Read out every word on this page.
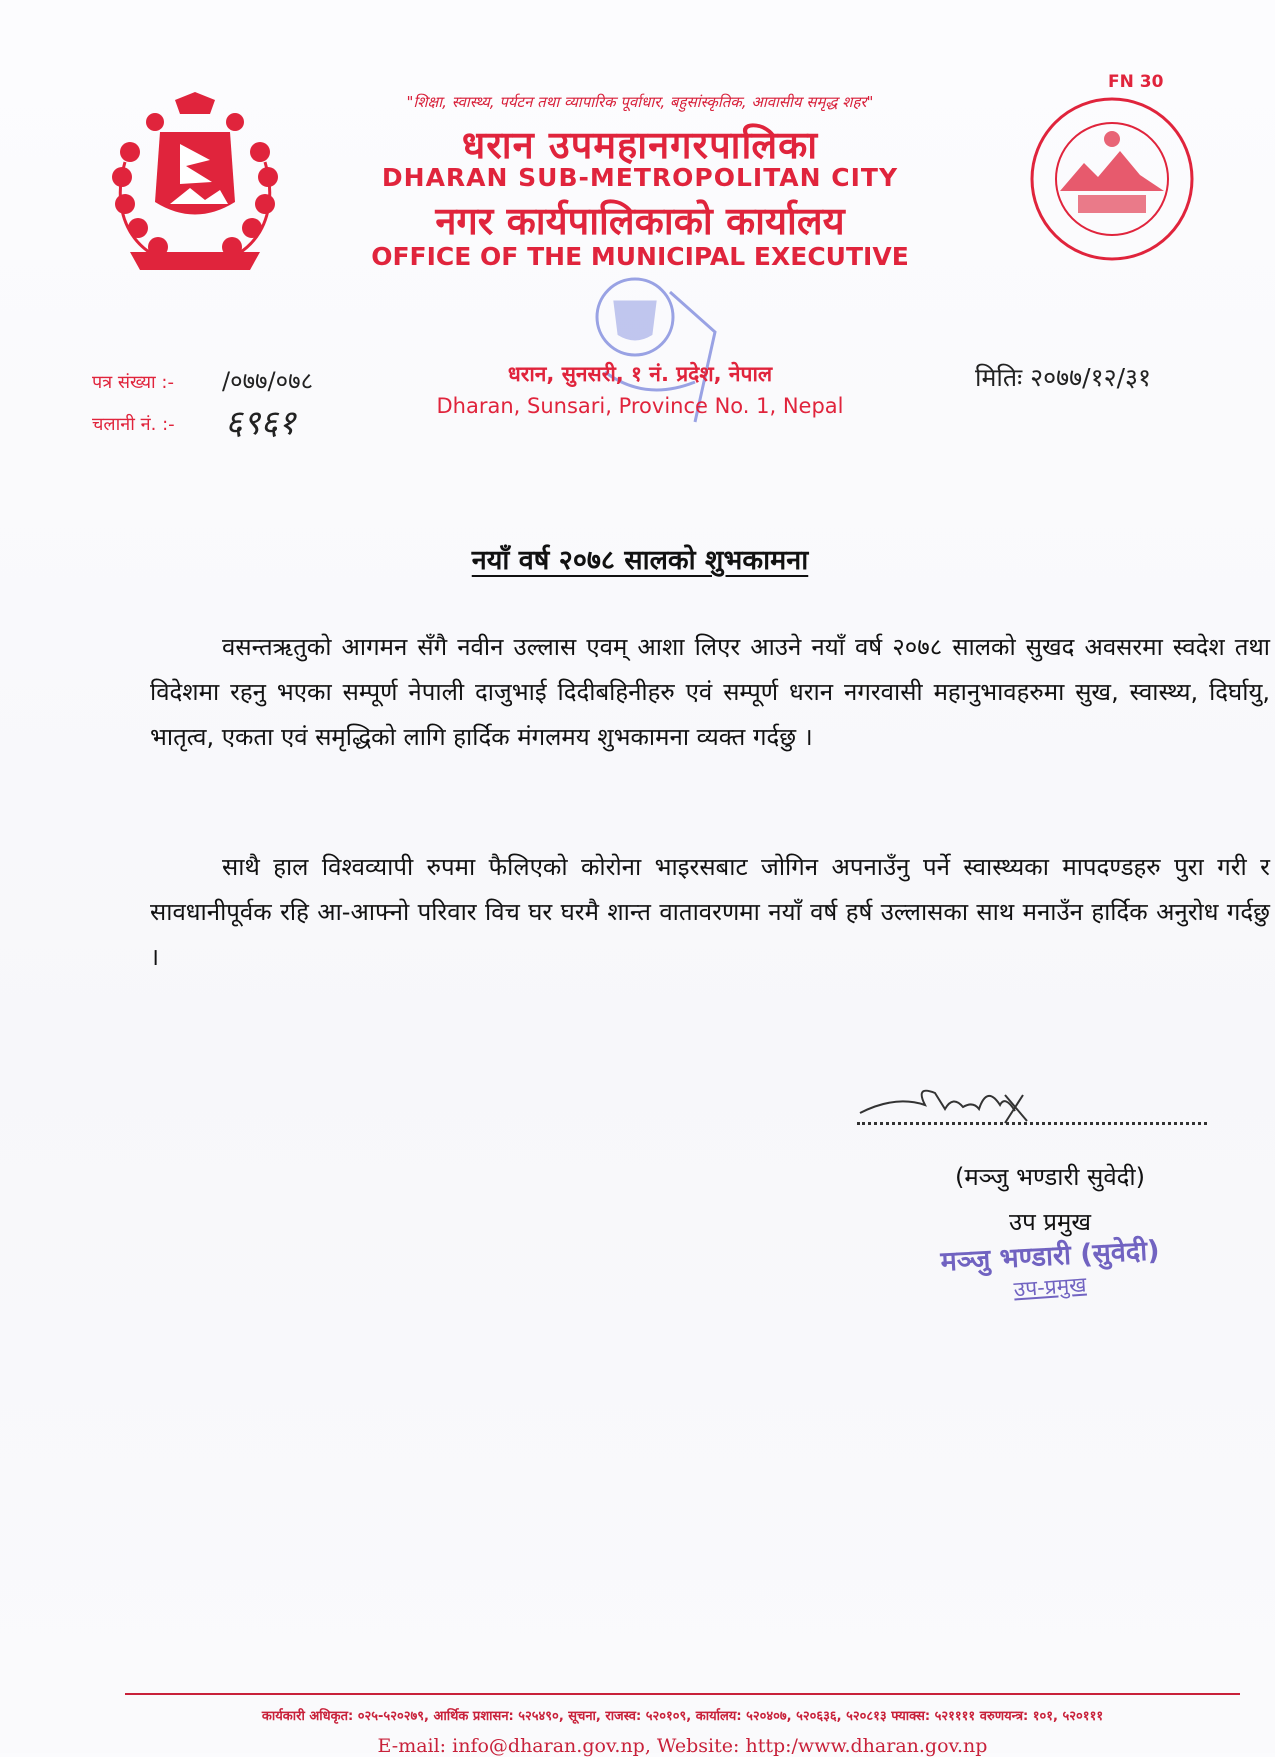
FN 30
"शिक्षा, स्वास्थ्य, पर्यटन तथा व्यापारिक पूर्वाधार, बहुसांस्कृतिक, आवासीय समृद्ध शहर"
धरान उपमहानगरपालिका
DHARAN SUB-METROPOLITAN CITY
नगर कार्यपालिकाको कार्यालय
OFFICE OF THE MUNICIPAL EXECUTIVE
पत्र संख्या :- /०७७/०७८
चलानी नं. :- ६९६१
धरान, सुनसरी, १ नं. प्रदेश, नेपाल
Dharan, Sunsari, Province No. 1, Nepal
मितिः २०७७/१२/३१
नयाँ वर्ष २०७८ सालको शुभकामना
वसन्तऋतुको आगमन सँगै नवीन उल्लास एवम् आशा लिएर आउने नयाँ वर्ष २०७८ सालको सुखद अवसरमा स्वदेश तथा विदेशमा रहनु भएका सम्पूर्ण नेपाली दाजुभाई दिदीबहिनीहरु एवं सम्पूर्ण धरान नगरवासी महानुभावहरुमा सुख, स्वास्थ्य, दिर्घायु, भातृत्व, एकता एवं समृद्धिको लागि हार्दिक मंगलमय शुभकामना व्यक्त गर्दछु ।
साथै हाल विश्वव्यापी रुपमा फैलिएको कोरोना भाइरसबाट जोगिन अपनाउँनु पर्ने स्वास्थ्यका मापदण्डहरु पुरा गरी र सावधानीपूर्वक रहि आ-आफ्नो परिवार विच घर घरमै शान्त वातावरणमा नयाँ वर्ष हर्ष उल्लासका साथ मनाउँन हार्दिक अनुरोध गर्दछु ।
(मञ्जु भण्डारी सुवेदी)
उप प्रमुख
मञ्जु भण्डारी (सुवेदी)
उप-प्रमुख
कार्यकारी अधिकृत: ०२५-५२०२७९, आर्थिक प्रशासन: ५२५४९०, सूचना, राजस्व: ५२०१०९, कार्यालय: ५२०४०७, ५२०६३६, ५२०८१३ फ्याक्स: ५२११११ वरुणयन्त्र: १०१, ५२०१११
E-mail: info@dharan.gov.np, Website: http:/www.dharan.gov.np
